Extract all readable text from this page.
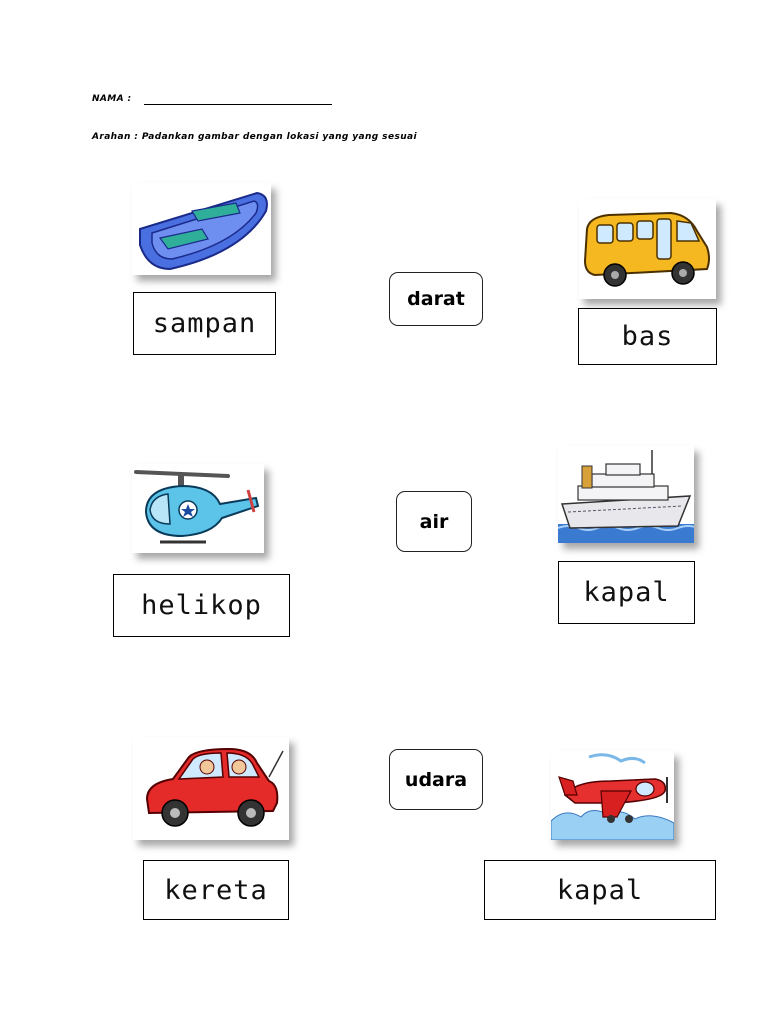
NAMA :
Arahan : Padankan gambar dengan lokasi yang yang sesuai
sampan
darat
bas
helikop
air
kapal
kereta
udara
kapal
